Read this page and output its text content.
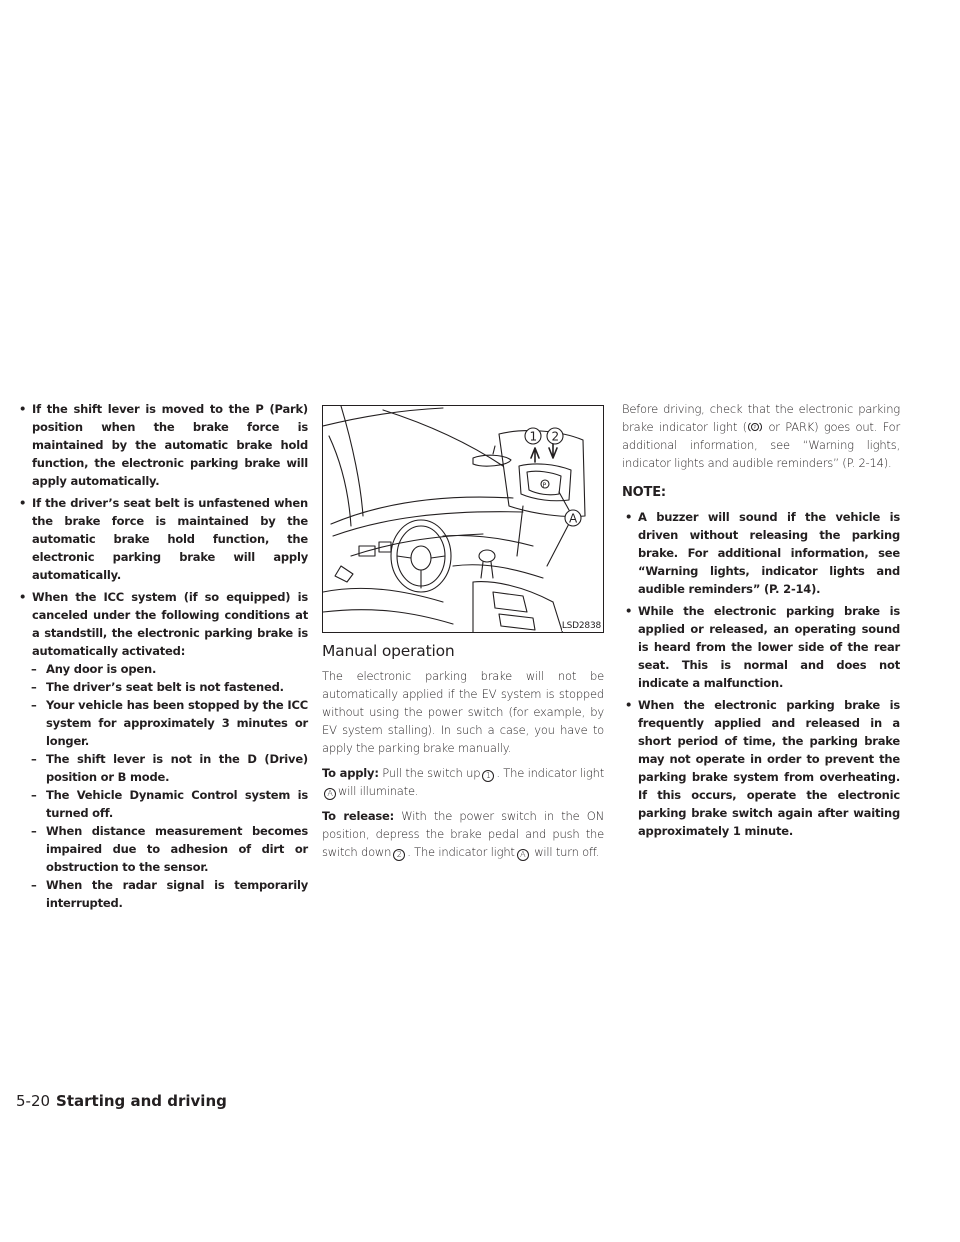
• If the shift lever is moved to the P (Park) position when the brake force is maintained by the automatic brake hold function, the electronic parking brake will apply automatically.
• If the driver’s seat belt is unfastened when the brake force is maintained by the automatic brake hold function, the electronic parking brake will apply automatically.
• When the ICC system (if so equipped) is canceled under the following conditions at a standstill, the electronic parking brake is automatically activated:
– Any door is open.
– The driver’s seat belt is not fastened.
– Your vehicle has been stopped by the ICC system for approximately 3 minutes or longer.
– The shift lever is not in the D (Drive) position or B mode.
– The Vehicle Dynamic Control system is turned off.
– When distance measurement becomes impaired due to adhesion of dirt or obstruction to the sensor.
– When the radar signal is temporarily interrupted.
P
1 2
A
LSD2838
Manual operation

The electronic parking brake will not be automatically applied if the EV system is stopped without using the power switch (for example, by EV system stalling). In such a case, you have to apply the parking brake manually.

To apply: Pull the switch up 1 . The indicator lightA will illuminate.

To release: With the power switch in the ON position, depress the brake pedal and push the switch down 2 . The indicator light A will turn off.

Before driving, check that the electronic parking brake indicator light ( P or PARK) goes out. For additional information, see “Warning lights, indicator lights and audible reminders” (P. 2-14).

NOTE:
• A buzzer will sound if the vehicle is driven without releasing the parking brake. For additional information, see “Warning lights, indicator lights and audible reminders” (P. 2-14).
• While the electronic parking brake is applied or released, an operating sound is heard from the lower side of the rear seat. This is normal and does not indicate a malfunction.
• When the electronic parking brake is frequently applied and released in a short period of time, the parking brake may not operate in order to prevent the parking brake system from overheating. If this occurs, operate the electronic parking brake switch again after waiting approximately 1 minute.
5-20 Starting and driving
